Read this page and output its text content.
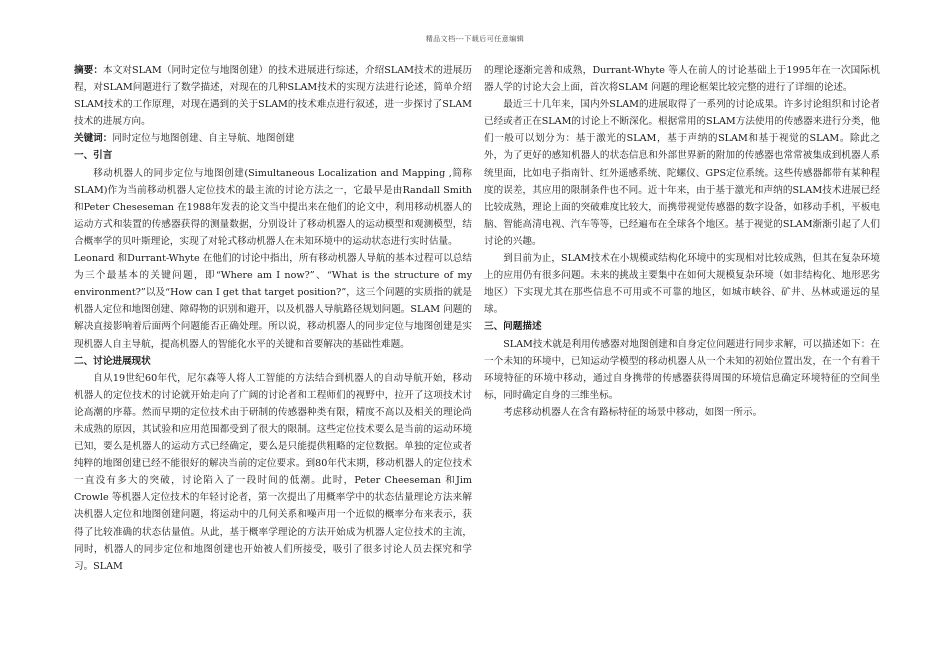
精品文档---下载后可任意编辑

摘要：本文对SLAM（同时定位与地图创建）的技术进展进行综述，介绍SLAM技术的进展历程，对SLAM问题进行了数学描述，对现在的几种SLAM技术的实现方法进行论述，简单介绍SLAM技术的工作原理，对现在遇到的关于SLAM的技术难点进行叙述，进一步探讨了SLAM技术的进展方向。

关键词：同时定位与地图创建、自主导航、地图创建

一、引言

移动机器人的同步定位与地图创建(Simultaneous Localization and Mapping ,简称SLAM)作为当前移动机器人定位技术的最主流的讨论方法之一，它最早是由Randall Smith 和Peter Cheseseman 在1988年发表的论文当中提出来在他们的论文中，利用移动机器人的运动方式和装置的传感器获得的测量数据，分别设计了移动机器人的运动模型和观测模型，结合概率学的贝叶斯理论，实现了对轮式移动机器人在未知环境中的运动状态进行实时估量。

Leonard 和Durrant-Whyte 在他们的讨论中指出，所有移动机器人导航的基本过程可以总结为三个最基本的关键问题，即“Where am I now?”、“What is the structure of my environment?”以及“How can I get that target position?”，这三个问题的实质指的就是机器人定位和地图创建、障碍物的识别和避开，以及机器人导航路径规划问题。SLAM 问题的解决直接影响着后面两个问题能否正确处理。所以说，移动机器人的同步定位与地图创建是实现机器人自主导航，提高机器人的智能化水平的关键和首要解决的基础性难题。

二、讨论进展现状

自从19世纪60年代，尼尔森等人将人工智能的方法结合到机器人的自动导航开始，移动机器人的定位技术的讨论就开始走向了广阔的讨论者和工程师们的视野中，拉开了这项技术讨论高潮的序幕。然而早期的定位技术由于研制的传感器种类有限，精度不高以及相关的理论尚未成熟的原因，其试验和应用范围都受到了很大的限制。这些定位技术要么是当前的运动环境已知，要么是机器人的运动方式已经确定，要么是只能提供粗略的定位数据。单独的定位或者纯粹的地图创建已经不能很好的解决当前的定位要求。到80年代末期，移动机器人的定位技术一直没有多大的突破，讨论陷入了一段时间的低潮。此时，Peter Cheeseman 和Jim Crowle 等机器人定位技术的年轻讨论者，第一次提出了用概率学中的状态估量理论方法来解决机器人定位和地图创建问题，将运动中的几何关系和噪声用一个近似的概率分布来表示，获得了比较准确的状态估量值。从此，基于概率学理论的方法开始成为机器人定位技术的主流，同时，机器人的同步定位和地图创建也开始被人们所接受，吸引了很多讨论人员去探究和学习。SLAM

的理论逐渐完善和成熟，Durrant-Whyte 等人在前人的讨论基础上于1995年在一次国际机器人学的讨论大会上面，首次将SLAM 问题的理论框架比较完整的进行了详细的论述。

最近三十几年来，国内外SLAM的进展取得了一系列的讨论成果。许多讨论组织和讨论者已经或者正在SLAM的讨论上不断深化。根据常用的SLAM方法使用的传感器来进行分类，他们一般可以划分为：基于激光的SLAM，基于声纳的SLAM和基于视觉的SLAM。除此之外，为了更好的感知机器人的状态信息和外部世界新的附加的传感器也常常被集成到机器人系统里面，比如电子指南针、红外遥感系统、陀螺仪、GPS定位系统。这些传感器都带有某种程度的误差，其应用的限制条件也不同。近十年来，由于基于激光和声纳的SLAM技术进展已经比较成熟，理论上面的突破难度比较大，而携带视觉传感器的数字设备，如移动手机，平板电脑、智能高清电视、汽车等等，已经遍布在全球各个地区。基于视觉的SLAM渐渐引起了人们讨论的兴趣。

到目前为止，SLAM技术在小规模或结构化环境中的实现相对比较成熟，但其在复杂环境上的应用仍有很多问题。未来的挑战主要集中在如何大规模复杂环境（如非结构化、地形恶劣地区）下实现尤其在那些信息不可用或不可靠的地区，如城市峡谷、矿井、丛林或遥远的星球。

三、问题描述

SLAM技术就是利用传感器对地图创建和自身定位问题进行同步求解，可以描述如下：在一个未知的环境中，已知运动学模型的移动机器人从一个未知的初始位置出发，在一个有着干环境特征的环境中移动，通过自身携带的传感器获得周围的环境信息确定环境特征的空间坐标，同时确定自身的三维坐标。

考虑移动机器人在含有路标特征的场景中移动，如图一所示。
